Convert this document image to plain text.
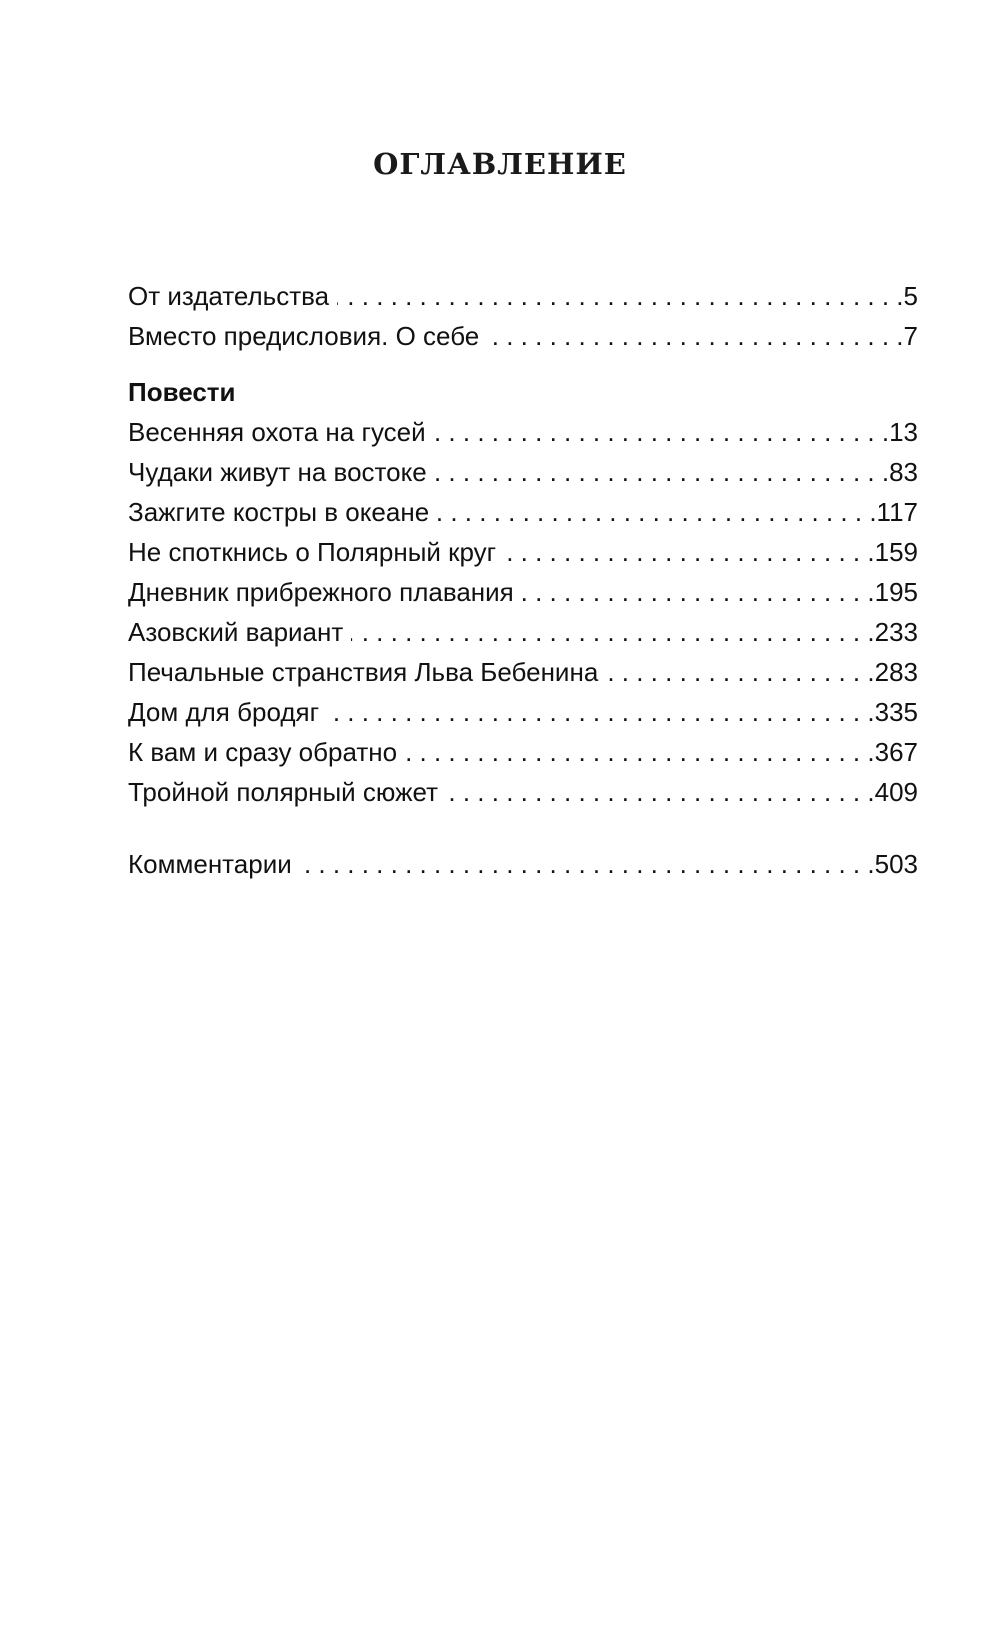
ОГЛАВЛЕНИЕ
От издательства . . .	5
Вместо предисловия. О себе . . .	7
Повести
Весенняя охота на гусей . . .	13
Чудаки живут на востоке . . .	83
Зажгите костры в океане . . .	117
Не споткнись о Полярный круг . . .	159
Дневник прибрежного плавания . . .	195
Азовский вариант . . .	233
Печальные странствия Льва Бебенина . . .	283
Дом для бродяг . . .	335
К вам и сразу обратно . . .	367
Тройной полярный сюжет . . .	409
Комментарии . . .	503
